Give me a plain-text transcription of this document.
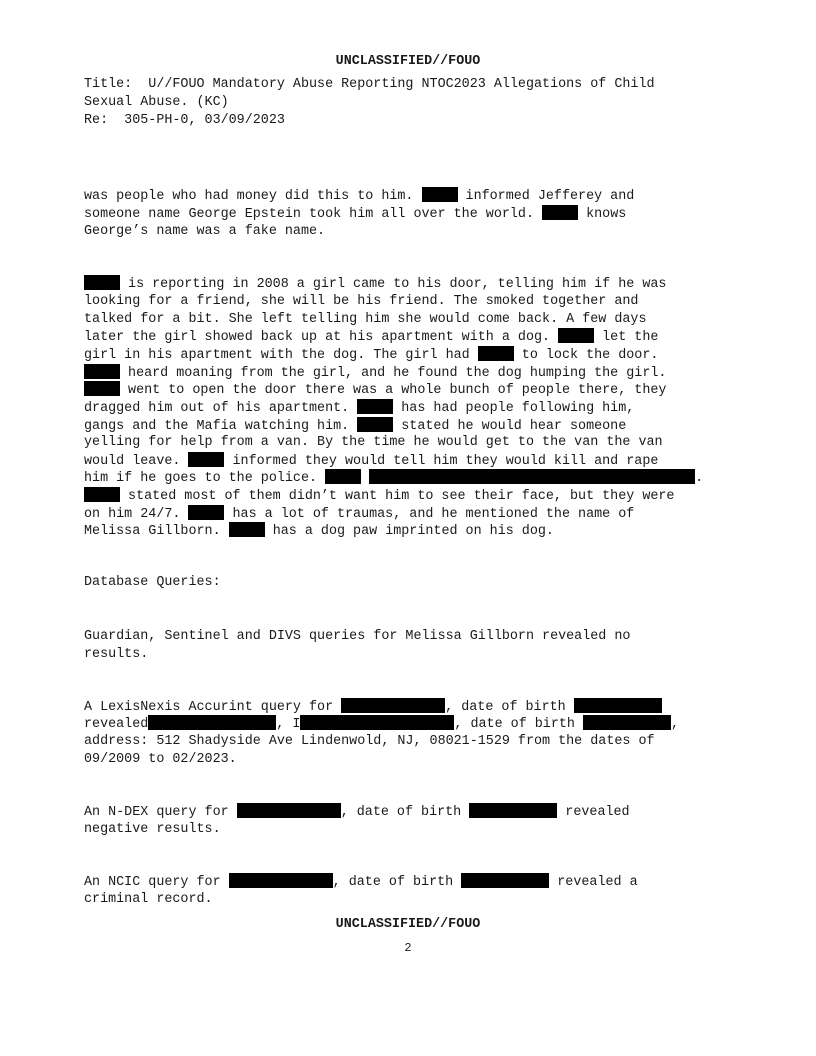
UNCLASSIFIED//FOUO
Title:  U//FOUO Mandatory Abuse Reporting NTOC2023 Allegations of Child
Sexual Abuse. (KC)
Re:  305-PH-0, 03/09/2023
was people who had money did this to him.	informed Jefferey and
someone name George Epstein took him all over the world.	knows
George’s name was a fake name.
is reporting in 2008 a girl came to his door, telling him if he was
looking for a friend, she will be his friend. The smoked together and
talked for a bit. She left telling him she would come back. A few days
later the girl showed back up at his apartment with a dog.	let the
girl in his apartment with the dog. The girl had	to lock the door.
heard moaning from the girl, and he found the dog humping the girl.
went to open the door there was a whole bunch of people there, they
dragged him out of his apartment.	has had people following him,
gangs and the Mafia watching him.	stated he would hear someone
yelling for help from a van. By the time he would get to the van the van
would leave.	informed they would tell him they would kill and rape
him if he goes to the police.	.
stated most of them didn’t want him to see their face, but they were
on him 24/7.	has a lot of traumas, and he mentioned the name of
Melissa Gillborn.	has a dog paw imprinted on his dog.
Database Queries:
Guardian, Sentinel and DIVS queries for Melissa Gillborn revealed no
results.
A LexisNexis Accurint query for	, date of birth
revealed	, I	, date of birth	,
address: 512 Shadyside Ave Lindenwold, NJ, 08021-1529 from the dates of
09/2009 to 02/2023.
An N-DEX query for	, date of birth	revealed
negative results.
An NCIC query for	, date of birth	revealed a
criminal record.
UNCLASSIFIED//FOUO
2
